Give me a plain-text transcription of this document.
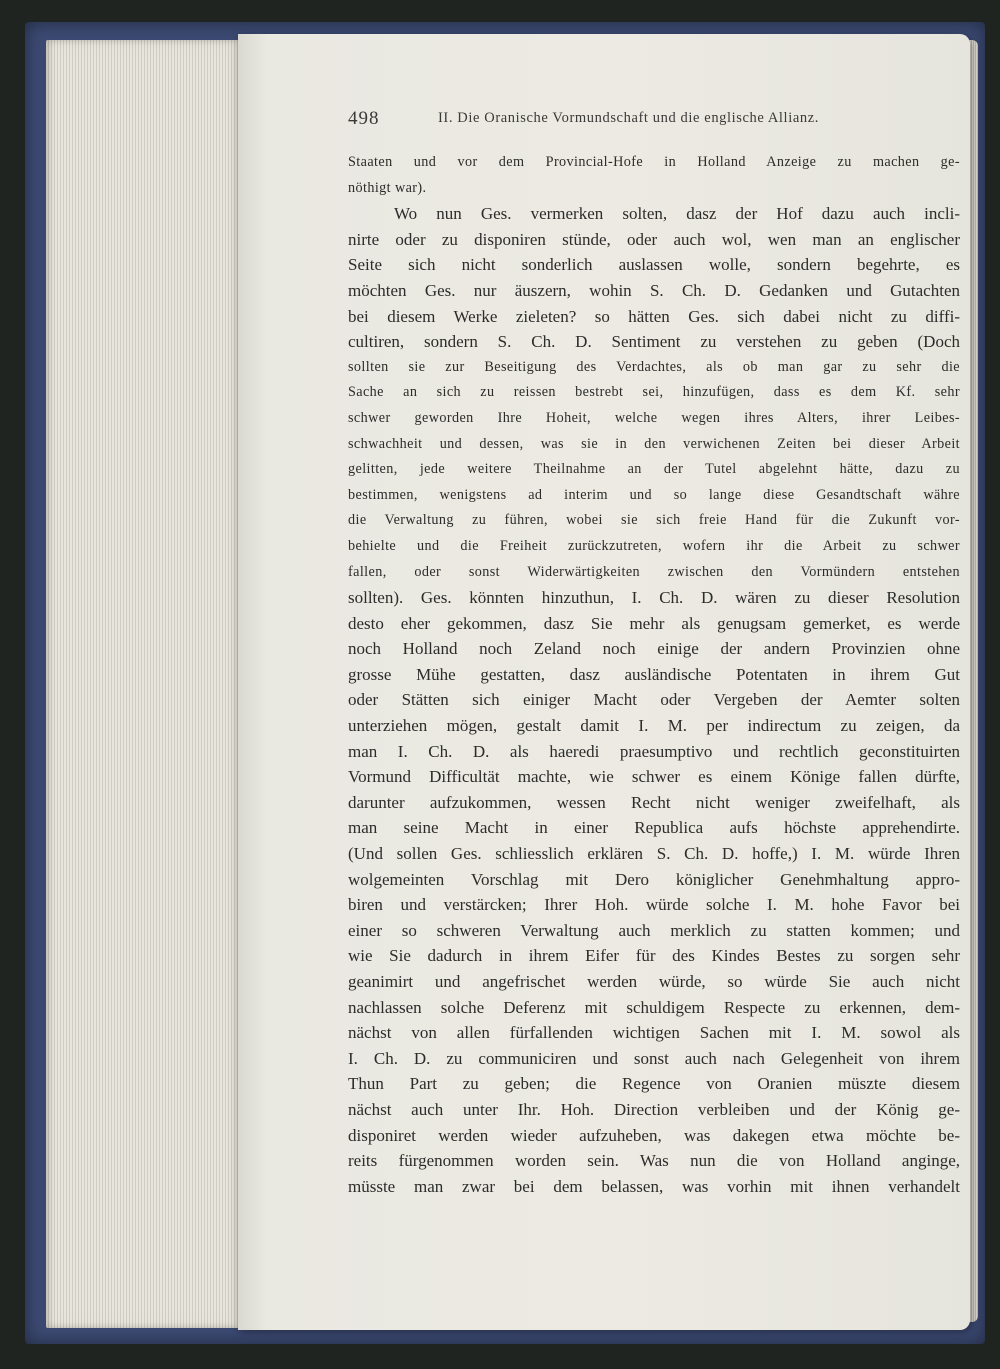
498	II. Die Oranische Vormundschaft und die englische Allianz.
Staaten und vor dem Provincial-Hofe in Holland Anzeige zu machen ge-
nöthigt war).
Wo nun Ges. vermerken solten, dasz der Hof dazu auch incli-
nirte oder zu disponiren stünde, oder auch wol, wen man an englischer
Seite sich nicht sonderlich auslassen wolle, sondern begehrte, es
möchten Ges. nur äuszern, wohin S. Ch. D. Gedanken und Gutachten
bei diesem Werke zieleten? so hätten Ges. sich dabei nicht zu diffi-
cultiren, sondern S. Ch. D. Sentiment zu verstehen zu geben (Doch
sollten sie zur Beseitigung des Verdachtes, als ob man gar zu sehr die
Sache an sich zu reissen bestrebt sei, hinzufügen, dass es dem Kf. sehr
schwer geworden Ihre Hoheit, welche wegen ihres Alters, ihrer Leibes-
schwachheit und dessen, was sie in den verwichenen Zeiten bei dieser Arbeit
gelitten, jede weitere Theilnahme an der Tutel abgelehnt hätte, dazu zu
bestimmen, wenigstens ad interim und so lange diese Gesandtschaft währe
die Verwaltung zu führen, wobei sie sich freie Hand für die Zukunft vor-
behielte und die Freiheit zurückzutreten, wofern ihr die Arbeit zu schwer
fallen, oder sonst Widerwärtigkeiten zwischen den Vormündern entstehen
sollten). Ges. könnten hinzuthun, I. Ch. D. wären zu dieser Resolution
desto eher gekommen, dasz Sie mehr als genugsam gemerket, es werde
noch Holland noch Zeland noch einige der andern Provinzien ohne
grosse Mühe gestatten, dasz ausländische Potentaten in ihrem Gut
oder Stätten sich einiger Macht oder Vergeben der Aemter solten
unterziehen mögen, gestalt damit I. M. per indirectum zu zeigen, da
man I. Ch. D. als haeredi praesumptivo und rechtlich geconstituirten
Vormund Difficultät machte, wie schwer es einem Könige fallen dürfte,
darunter aufzukommen, wessen Recht nicht weniger zweifelhaft, als
man seine Macht in einer Republica aufs höchste apprehendirte.
(Und sollen Ges. schliesslich erklären S. Ch. D. hoffe,) I. M. würde Ihren
wolgemeinten Vorschlag mit Dero königlicher Genehmhaltung appro-
biren und verstärcken; Ihrer Hoh. würde solche I. M. hohe Favor bei
einer so schweren Verwaltung auch merklich zu statten kommen; und
wie Sie dadurch in ihrem Eifer für des Kindes Bestes zu sorgen sehr
geanimirt und angefrischet werden würde, so würde Sie auch nicht
nachlassen solche Deferenz mit schuldigem Respecte zu erkennen, dem-
nächst von allen fürfallenden wichtigen Sachen mit I. M. sowol als
I. Ch. D. zu communiciren und sonst auch nach Gelegenheit von ihrem
Thun Part zu geben; die Regence von Oranien müszte diesem
nächst auch unter Ihr. Hoh. Direction verbleiben und der König ge-
disponiret werden wieder aufzuheben, was dakegen etwa möchte be-
reits fürgenommen worden sein. Was nun die von Holland anginge,
müsste man zwar bei dem belassen, was vorhin mit ihnen verhandelt
